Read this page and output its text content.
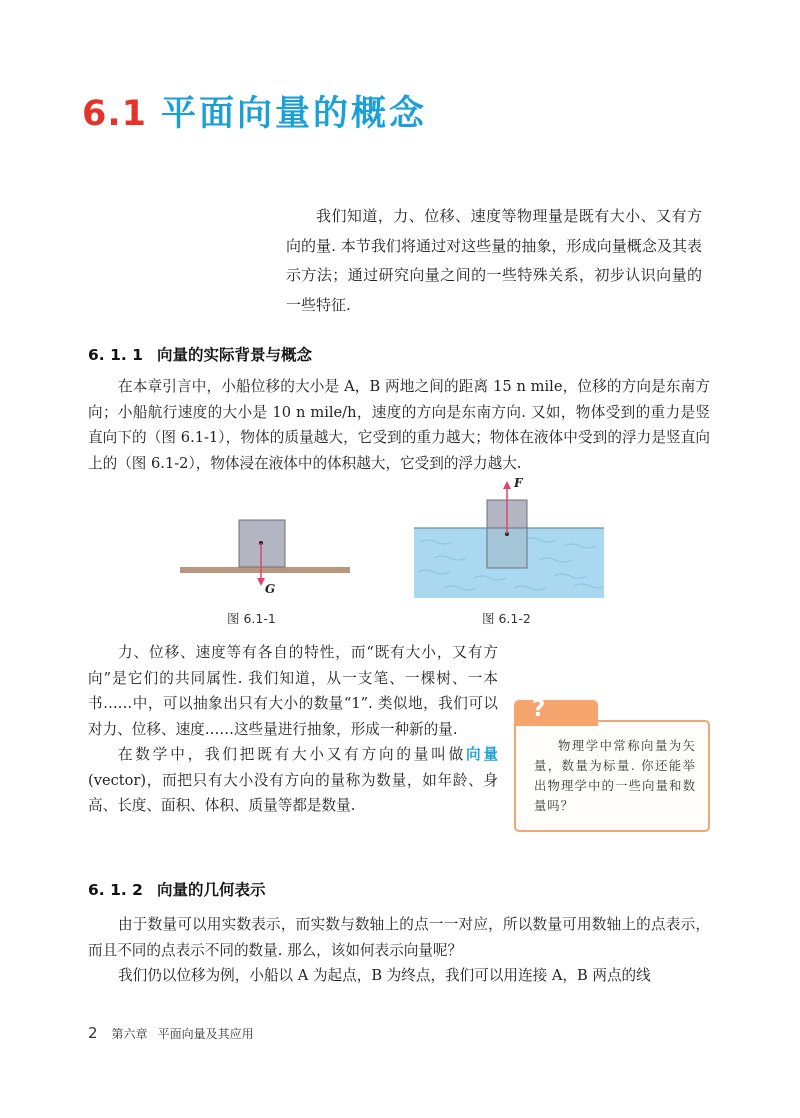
6.1 平面向量的概念

我们知道，力、位移、速度等物理量是既有大小、又有方向的量. 本节我们将通过对这些量的抽象，形成向量概念及其表示方法；通过研究向量之间的一些特殊关系，初步认识向量的一些特征.

6. 1. 1 向量的实际背景与概念

在本章引言中，小船位移的大小是 A，B 两地之间的距离 15 n mile，位移的方向是东南方向；小船航行速度的大小是 10 n mile/h，速度的方向是东南方向. 又如，物体受到的重力是竖直向下的（图 6.1-1），物体的质量越大，它受到的重力越大；物体在液体中受到的浮力是竖直向上的（图 6.1-2），物体浸在液体中的体积越大，它受到的浮力越大.

G
图 6.1-1
F
图 6.1-2

力、位移、速度等有各自的特性，而“既有大小，又有方向”是它们的共同属性. 我们知道，从一支笔、一棵树、一本书……中，可以抽象出只有大小的数量“1”. 类似地，我们可以对力、位移、速度……这些量进行抽象，形成一种新的量.

在数学中，我们把既有大小又有方向的量叫做向量(vector)，而把只有大小没有方向的量称为数量，如年龄、身高、长度、面积、体积、质量等都是数量.

?

物理学中常称向量为矢量，数量为标量. 你还能举出物理学中的一些向量和数量吗？

6. 1. 2 向量的几何表示

由于数量可以用实数表示，而实数与数轴上的点一一对应，所以数量可用数轴上的点表示，而且不同的点表示不同的数量. 那么，该如何表示向量呢？

我们仍以位移为例，小船以 A 为起点，B 为终点，我们可以用连接 A，B 两点的线

2 第六章 平面向量及其应用
